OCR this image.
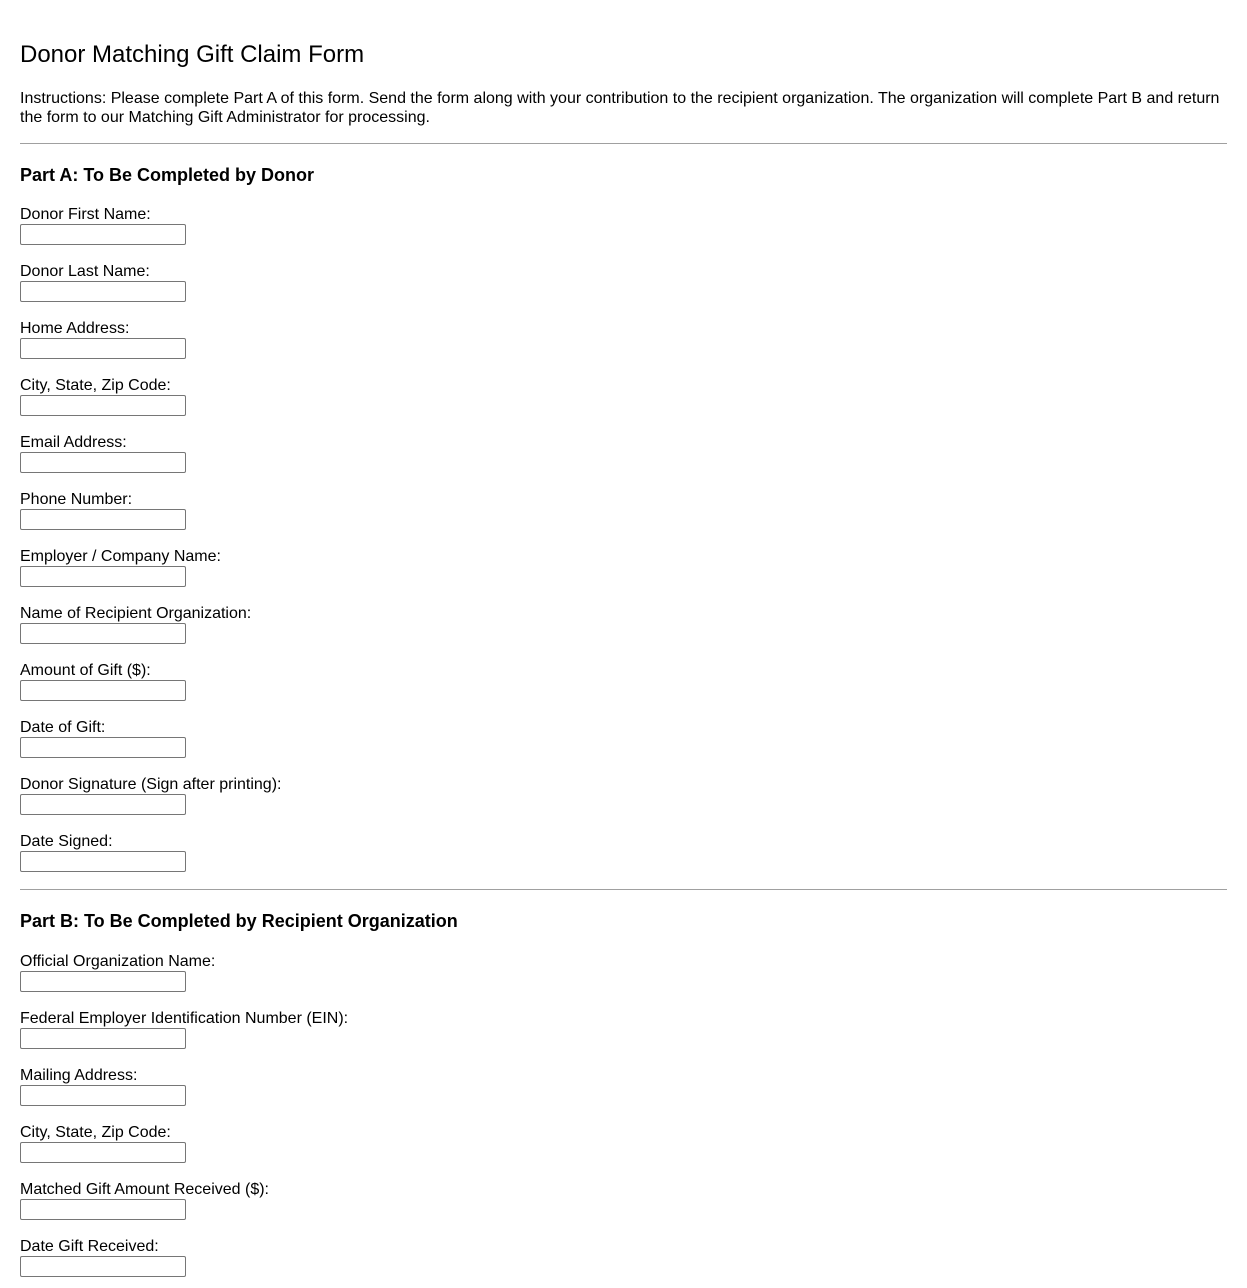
Donor Matching Gift Claim Form

Instructions: Please complete Part A of this form. Send the form along with your contribution to the recipient organization. The organization will complete Part B and return the form to our Matching Gift Administrator for processing.

Part A: To Be Completed by Donor
Donor First Name:
Donor Last Name:
Home Address:
City, State, Zip Code:
Email Address:
Phone Number:
Employer / Company Name:
Name of Recipient Organization:
Amount of Gift ($):
Date of Gift:
Donor Signature (Sign after printing):
Date Signed:
Part B: To Be Completed by Recipient Organization
Official Organization Name:
Federal Employer Identification Number (EIN):
Mailing Address:
City, State, Zip Code:
Matched Gift Amount Received ($):
Date Gift Received:
